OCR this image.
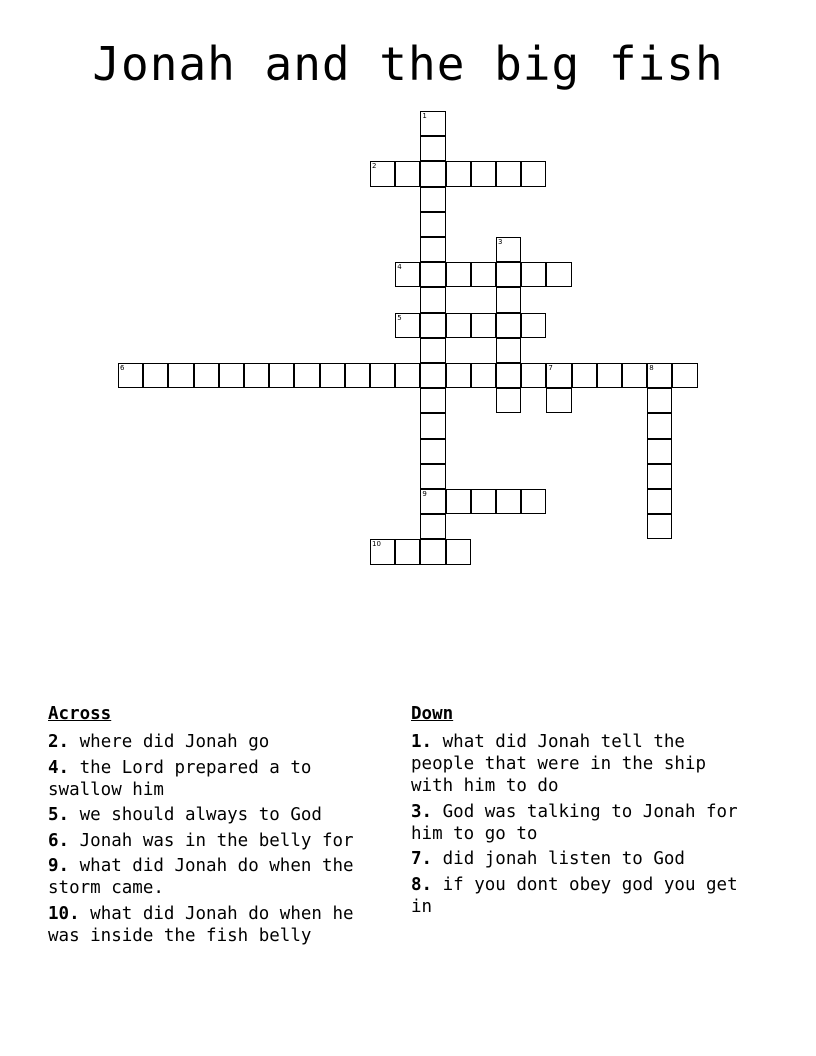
Jonah and the big fish
1
9
2
3
4
5
6	7	8
10
Across
2. where did Jonah go
4. the Lord prepared a to swallow him
5. we should always to God
6. Jonah was in the belly for
9. what did Jonah do when the storm came.
10. what did Jonah do when he was inside the fish belly
Down
1. what did Jonah tell the people that were in the ship with him to do
3. God was talking to Jonah for him to go to
7. did jonah listen to God
8. if you dont obey god you get in
